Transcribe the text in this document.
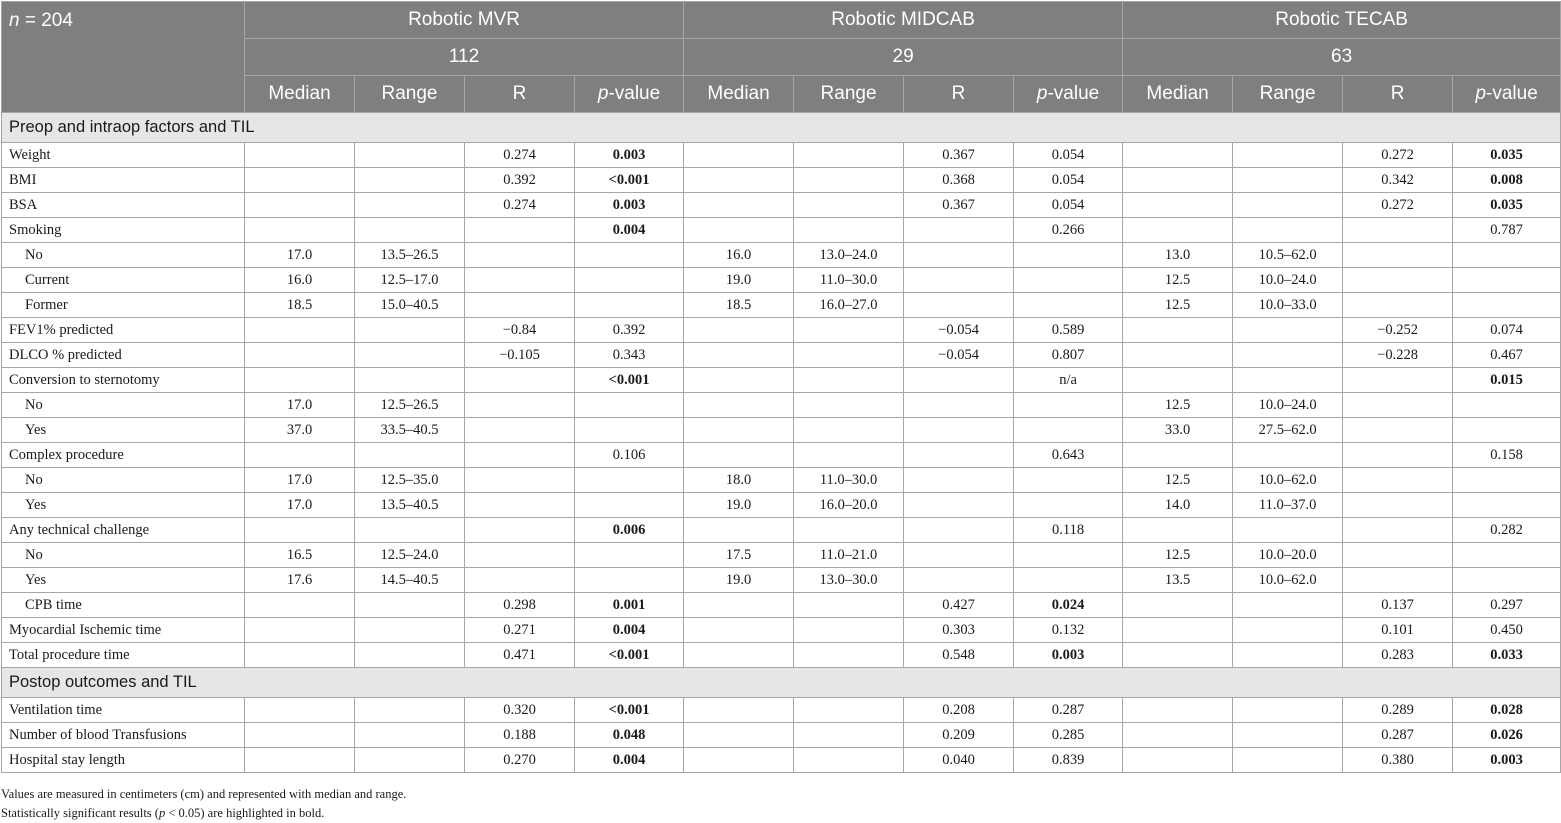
n = 204	Robotic MVR				Robotic MIDCAB				Robotic TECAB			
	112				29				63			
	Median	Range	R	p-value	Median	Range	R	p-value	Median	Range	R	p-value
Preop and intraop factors and TIL												
Weight			0.274	0.003			0.367	0.054			0.272	0.035
BMI			0.392	<0.001			0.368	0.054			0.342	0.008
BSA			0.274	0.003			0.367	0.054			0.272	0.035
Smoking				0.004				0.266				0.787
No	17.0	13.5–26.5			16.0	13.0–24.0			13.0	10.5–62.0		
Current	16.0	12.5–17.0			19.0	11.0–30.0			12.5	10.0–24.0		
Former	18.5	15.0–40.5			18.5	16.0–27.0			12.5	10.0–33.0		
FEV1% predicted			−0.84	0.392			−0.054	0.589			−0.252	0.074
DLCO % predicted			−0.105	0.343			−0.054	0.807			−0.228	0.467
Conversion to sternotomy				<0.001				n/a				0.015
No	17.0	12.5–26.5							12.5	10.0–24.0		
Yes	37.0	33.5–40.5							33.0	27.5–62.0		
Complex procedure				0.106				0.643				0.158
No	17.0	12.5–35.0			18.0	11.0–30.0			12.5	10.0–62.0		
Yes	17.0	13.5–40.5			19.0	16.0–20.0			14.0	11.0–37.0		
Any technical challenge				0.006				0.118				0.282
No	16.5	12.5–24.0			17.5	11.0–21.0			12.5	10.0–20.0		
Yes	17.6	14.5–40.5			19.0	13.0–30.0			13.5	10.0–62.0		
CPB time			0.298	0.001			0.427	0.024			0.137	0.297
Myocardial Ischemic time			0.271	0.004			0.303	0.132			0.101	0.450
Total procedure time			0.471	<0.001			0.548	0.003			0.283	0.033
Postop outcomes and TIL												
Ventilation time			0.320	<0.001			0.208	0.287			0.289	0.028
Number of blood Transfusions			0.188	0.048			0.209	0.285			0.287	0.026
Hospital stay length			0.270	0.004			0.040	0.839			0.380	0.003
Values are measured in centimeters (cm) and represented with median and range.
Statistically significant results (p < 0.05) are highlighted in bold.
